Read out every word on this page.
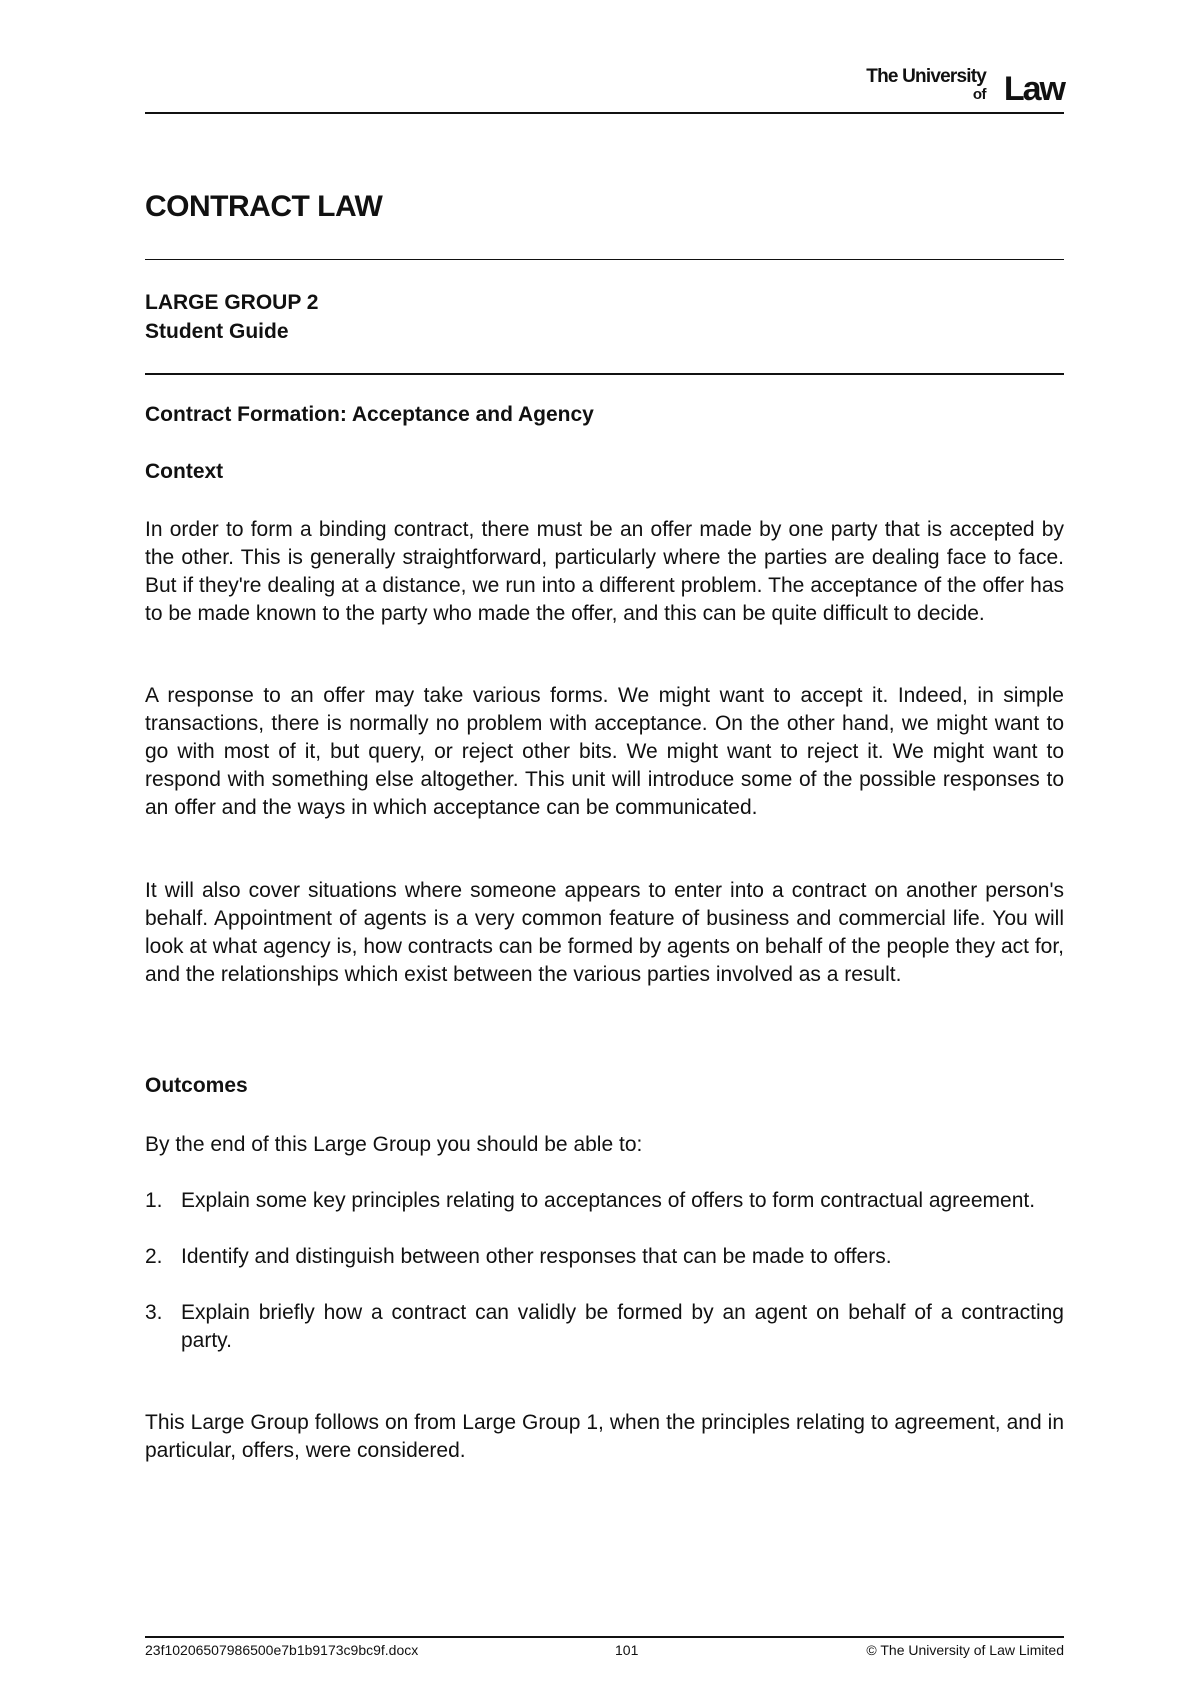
The University
of Law
CONTRACT LAW
LARGE GROUP 2
Student Guide
Contract Formation: Acceptance and Agency
Context

In order to form a binding contract, there must be an offer made by one party that is accepted by the other. This is generally straightforward, particularly where the parties are dealing face to face. But if they're dealing at a distance, we run into a different problem. The acceptance of the offer has to be made known to the party who made the offer, and this can be quite difficult to decide.

A response to an offer may take various forms. We might want to accept it. Indeed, in simple transactions, there is normally no problem with acceptance. On the other hand, we might want to go with most of it, but query, or reject other bits. We might want to reject it. We might want to respond with something else altogether. This unit will introduce some of the possible responses to an offer and the ways in which acceptance can be communicated.

It will also cover situations where someone appears to enter into a contract on another person's behalf. Appointment of agents is a very common feature of business and commercial life. You will look at what agency is, how contracts can be formed by agents on behalf of the people they act for, and the relationships which exist between the various parties involved as a result.

Outcomes

By the end of this Large Group you should be able to:

1. Explain some key principles relating to acceptances of offers to form contractual agreement.
2. Identify and distinguish between other responses that can be made to offers.
3. Explain briefly how a contract can validly be formed by an agent on behalf of a contracting party.

This Large Group follows on from Large Group 1, when the principles relating to agreement, and in particular, offers, were considered.

23f10206507986500e7b1b9173c9bc9f.docx	101	© The University of Law Limited
